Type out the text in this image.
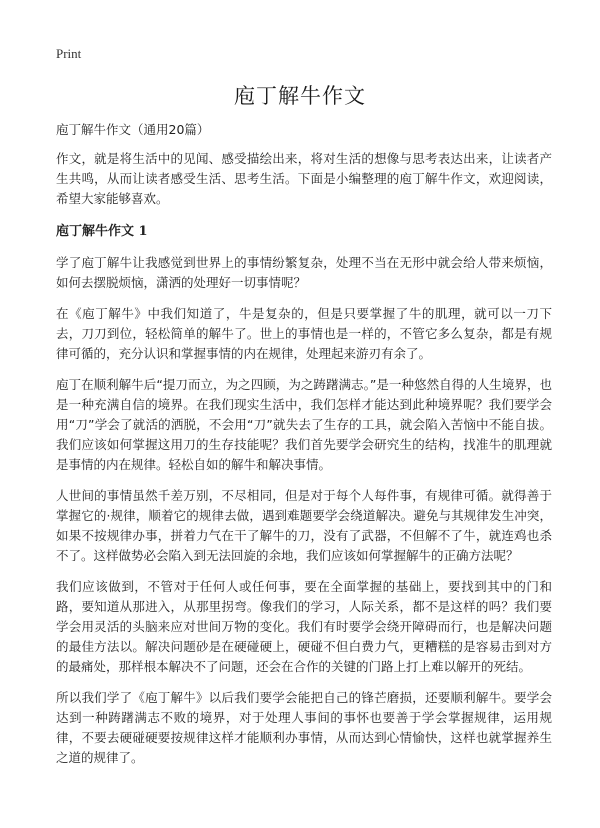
Print
庖丁解牛作文

庖丁解牛作文（通用20篇）

作文，就是将生活中的见闻、感受描绘出来，将对生活的想像与思考表达出来，让读者产生共鸣，从而让读者感受生活、思考生活。下面是小编整理的庖丁解牛作文，欢迎阅读，希望大家能够喜欢。

庖丁解牛作文 1

学了庖丁解牛让我感觉到世界上的事情纷繁复杂，处理不当在无形中就会给人带来烦恼，如何去摆脱烦恼，潇洒的处理好一切事情呢？

在《庖丁解牛》中我们知道了，牛是复杂的，但是只要掌握了牛的肌理，就可以一刀下去，刀刀到位，轻松简单的解牛了。世上的事情也是一样的，不管它多么复杂，都是有规律可循的，充分认识和掌握事情的内在规律，处理起来游刃有余了。

庖丁在顺利解牛后“提刀而立，为之四顾，为之踌躇满志。”是一种悠然自得的人生境界，也是一种充满自信的境界。在我们现实生活中，我们怎样才能达到此种境界呢？我们要学会用“刀”学会了就活的洒脱，不会用“刀”就失去了生存的工具，就会陷入苦恼中不能自拔。我们应该如何掌握这用刀的生存技能呢？我们首先要学会研究生的结构，找准牛的肌理就是事情的内在规律。轻松自如的解牛和解决事情。

人世间的事情虽然千差万别，不尽相同，但是对于每个人每件事，有规律可循。就得善于掌握它的·规律，顺着它的规律去做，遇到难题要学会绕道解决。避免与其规律发生冲突，如果不按规律办事，拼着力气在干了解牛的刀，没有了武器，不但解不了牛，就连鸡也杀不了。这样做势必会陷入到无法回旋的余地，我们应该如何掌握解牛的正确方法呢？

我们应该做到，不管对于任何人或任何事，要在全面掌握的基础上，要找到其中的门和路，要知道从那进入，从那里拐弯。像我们的学习，人际关系，都不是这样的吗？我们要学会用灵活的头脑来应对世间万物的变化。我们有时要学会绕开障碍而行，也是解决问题的最佳方法以。解决问题砂是在硬碰硬上，硬碰不但白费力气，更糟糕的是容易击到对方的最痛处，那样根本解决不了问题，还会在合作的关键的门路上打上难以解开的死结。

所以我们学了《庖丁解牛》以后我们要学会能把自己的锋芒磨损，还要顺利解牛。要学会达到一种踌躇满志不败的境界，对于处理人事间的事怀也要善于学会掌握规律，运用规律，不要去硬碰硬要按规律这样才能顺利办事情，从而达到心情愉快，这样也就掌握养生之道的规律了。
